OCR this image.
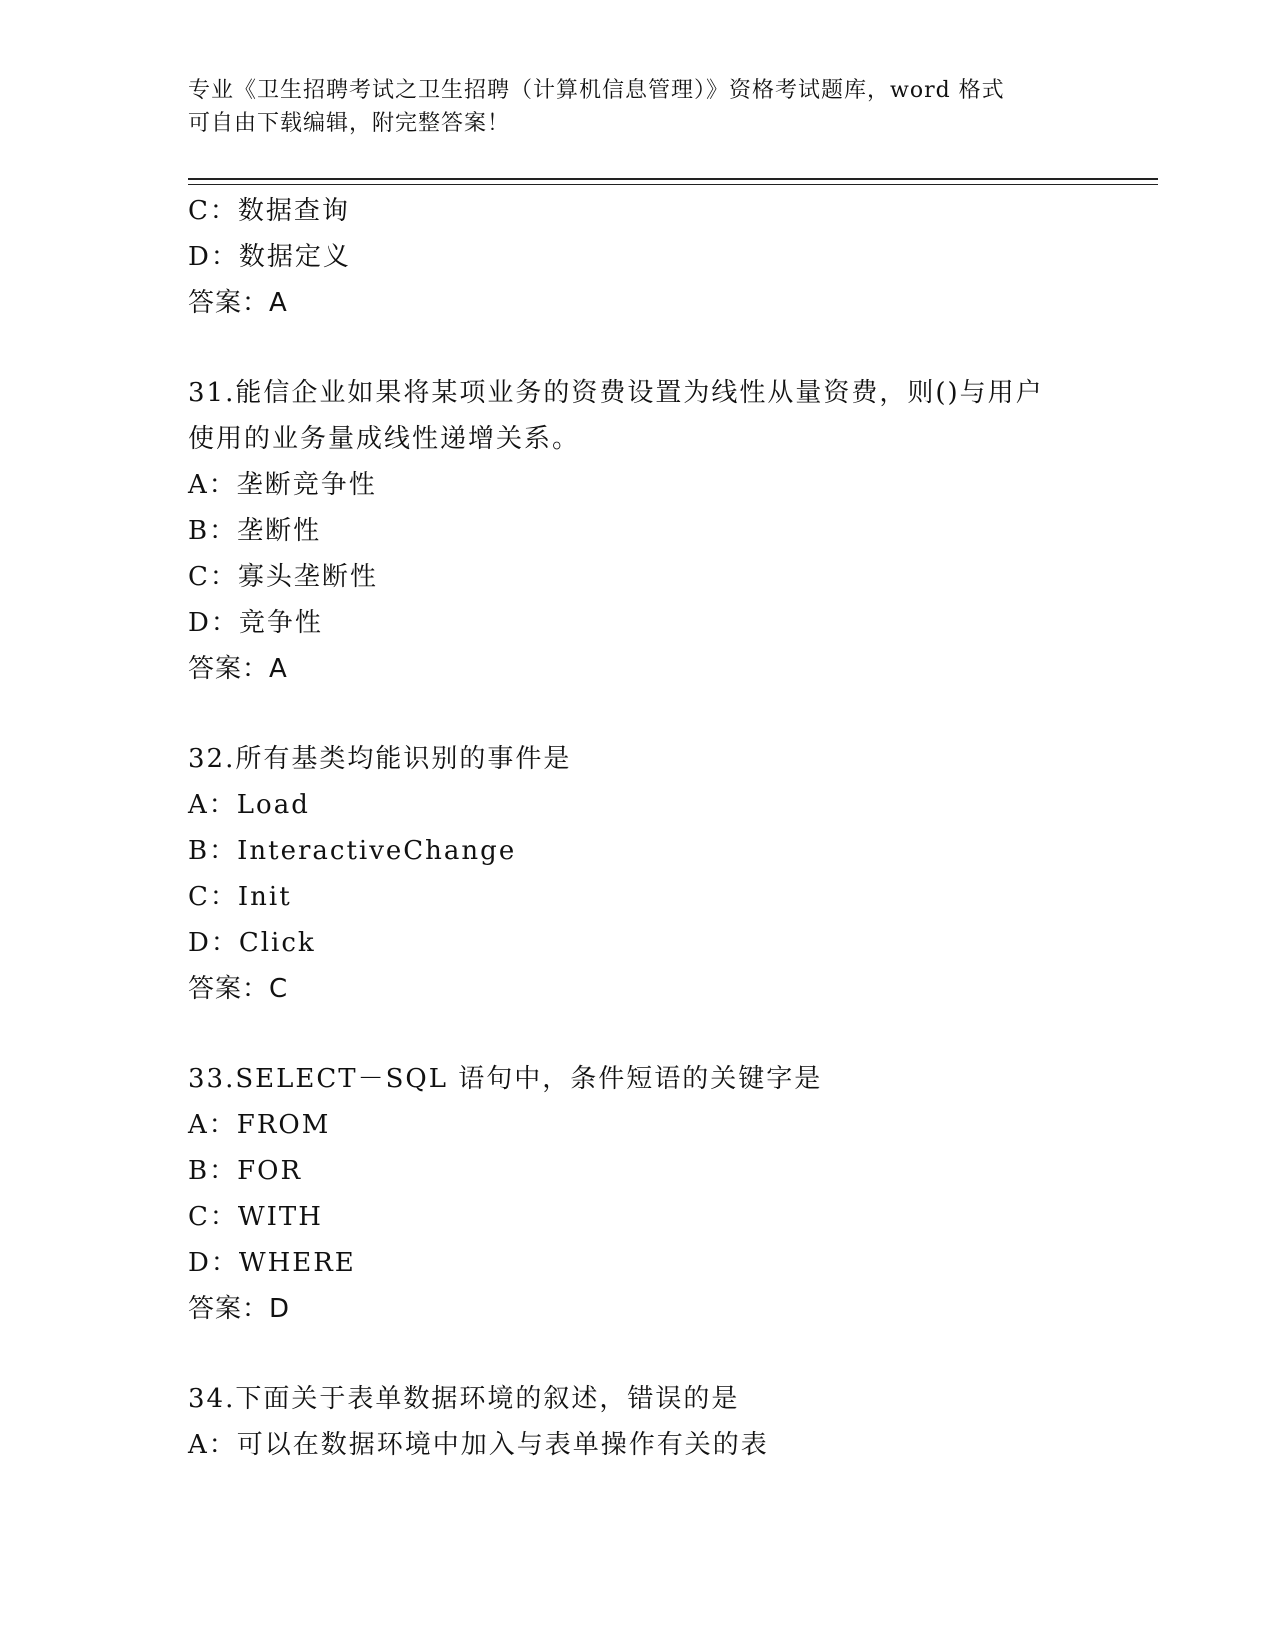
专业《卫生招聘考试之卫生招聘（计算机信息管理）》资格考试题库，word 格式
可自由下载编辑，附完整答案！
C：数据查询
D：数据定义
答案：A
31.能信企业如果将某项业务的资费设置为线性从量资费，则()与用户
使用的业务量成线性递增关系。
A：垄断竞争性
B：垄断性
C：寡头垄断性
D：竞争性
答案：A
32.所有基类均能识别的事件是
A：Load
B：InteractiveChange
C：Init
D：Click
答案：C
33.SELECT－SQL 语句中，条件短语的关键字是
A：FROM
B：FOR
C：WITH
D：WHERE
答案：D
34.下面关于表单数据环境的叙述，错误的是
A：可以在数据环境中加入与表单操作有关的表
